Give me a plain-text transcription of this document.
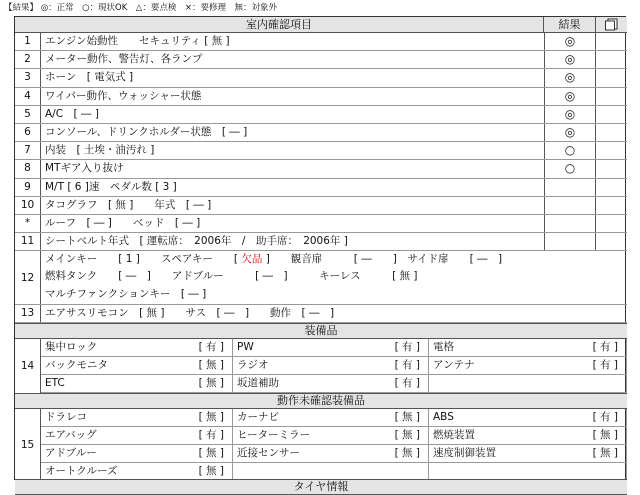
【結果】 ◎：正常　○：現状OK　△：要点検　×：要修理　無：対象外
室内確認項目	結果
1	エンジン始動性　　セキュリティ [ 無 ]	◎
2	メーター動作、警告灯、各ランプ	◎
3	ホーン　[ 電気式 ]	◎
4	ワイパー動作、ウォッシャー状態	◎
5	A/C　[ ― ]	◎
6	コンソール、ドリンクホルダー状態　[ ― ]	◎
7	内装　[ 土埃・油汚れ ]	○
8	MTギア入り抜け	○
9	M/T [ 6 ]速　ペダル数 [ 3 ]
10	タコグラフ　[ 無 ]　　年式　[ ― ]
*	ルーフ　[ ― ]　　ベッド　[ ― ]
11	シートベルト年式　[ 運転席：　2006年　/　助手席：　2006年 ]
12
メインキー　　[ 1 ]　　スペアキー　　[ 欠品 ]　　観音扉　　　[ ―　　]　サイド扉　　[ ―　]
燃料タンク　　[ ―　]　　アドブルー　　　[ ―　]　　　キーレス　　　[ 無 ]
マルチファンクションキー　[ ― ]
13	エアサスリモコン　[ 無 ]　　サス　[ ―　]　　動作　[ ―　]
装備品
14
集中ロック	[ 有 ] PW	[ 有 ] 電格	[ 有 ]
バックモニタ	[ 無 ] ラジオ	[ 有 ] アンテナ	[ 有 ]
ETC	[ 無 ] 坂道補助	[ 有 ]
動作未確認装備品
15
ドラレコ	[ 無 ] カーナビ	[ 無 ] ABS	[ 有 ]
エアバッグ	[ 有 ] ヒーターミラー	[ 無 ] 燃焼装置	[ 無 ]
アドブルー	[ 無 ] 近接センサー	[ 無 ] 速度制御装置	[ 無 ]
オートクルーズ	[ 無 ]
タイヤ情報
